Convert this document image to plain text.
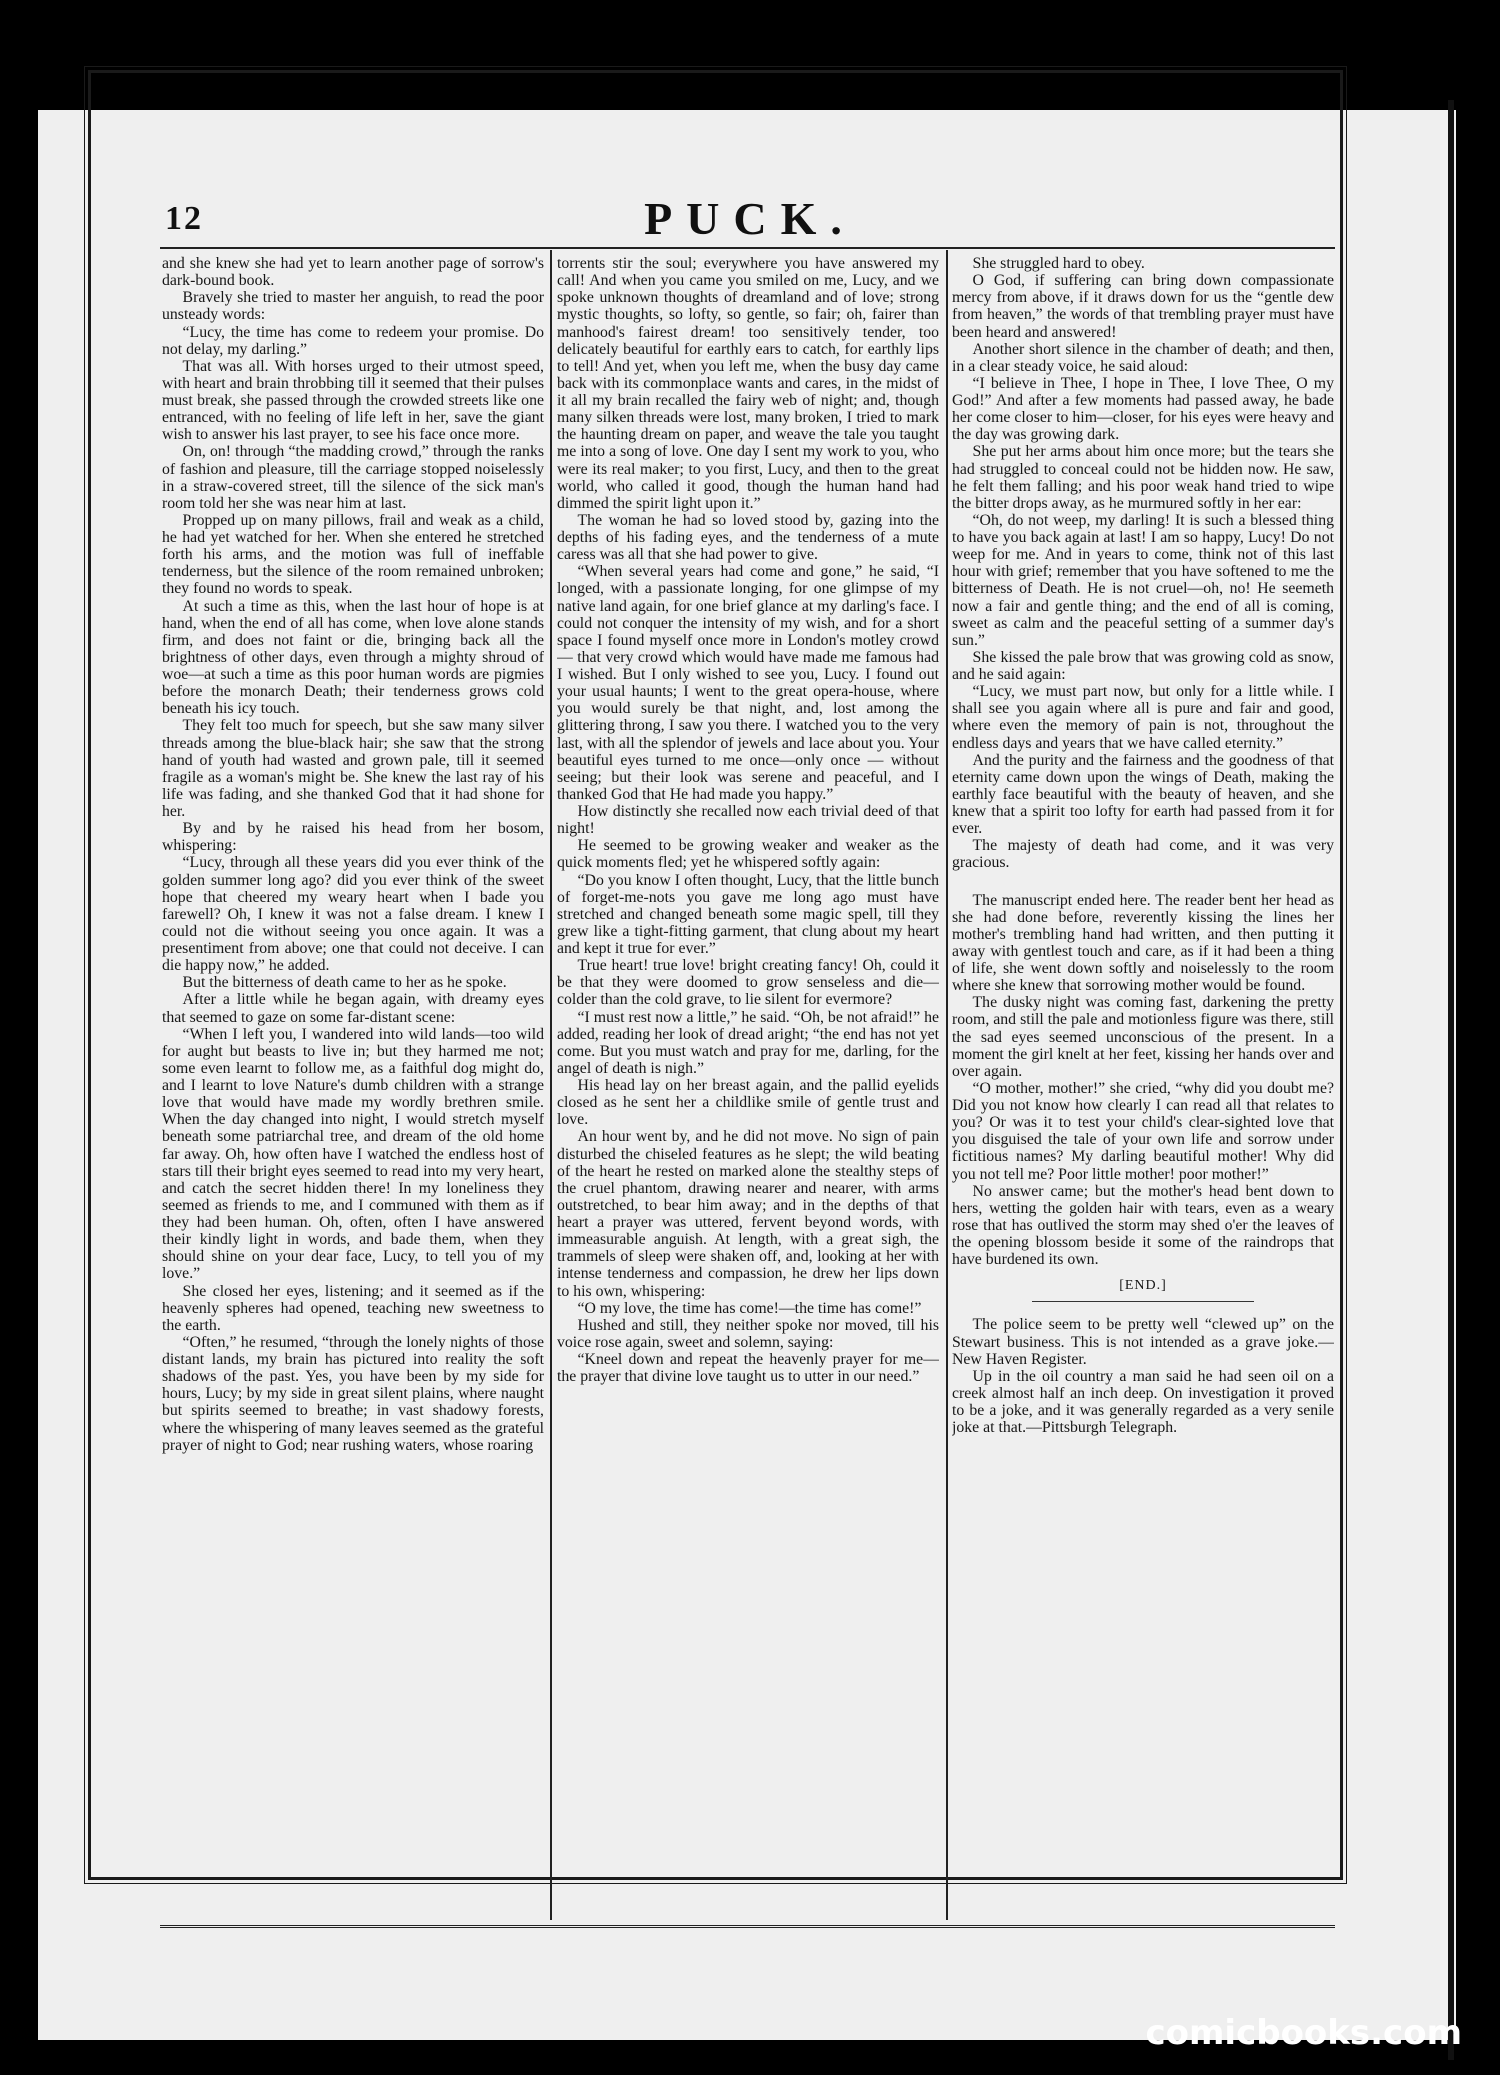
12	PUCK.

and she knew she had yet to learn another page of sorrow's dark-bound book.

Bravely she tried to master her anguish, to read the poor unsteady words:

“Lucy, the time has come to redeem your promise. Do not delay, my darling.”

That was all. With horses urged to their utmost speed, with heart and brain throbbing till it seemed that their pulses must break, she passed through the crowded streets like one entranced, with no feeling of life left in her, save the giant wish to answer his last prayer, to see his face once more.

On, on! through “the madding crowd,” through the ranks of fashion and pleasure, till the carriage stopped noiselessly in a straw-covered street, till the silence of the sick man's room told her she was near him at last.

Propped up on many pillows, frail and weak as a child, he had yet watched for her. When she entered he stretched forth his arms, and the motion was full of ineffable tenderness, but the silence of the room remained unbroken; they found no words to speak.

At such a time as this, when the last hour of hope is at hand, when the end of all has come, when love alone stands firm, and does not faint or die, bringing back all the brightness of other days, even through a mighty shroud of woe—at such a time as this poor human words are pigmies before the monarch Death; their tenderness grows cold beneath his icy touch.

They felt too much for speech, but she saw many silver threads among the blue-black hair; she saw that the strong hand of youth had wasted and grown pale, till it seemed fragile as a woman's might be. She knew the last ray of his life was fading, and she thanked God that it had shone for her.

By and by he raised his head from her bosom, whispering:

“Lucy, through all these years did you ever think of the golden summer long ago? did you ever think of the sweet hope that cheered my weary heart when I bade you farewell? Oh, I knew it was not a false dream. I knew I could not die without seeing you once again. It was a presentiment from above; one that could not deceive. I can die happy now,” he added.

But the bitterness of death came to her as he spoke.

After a little while he began again, with dreamy eyes that seemed to gaze on some far-distant scene:

“When I left you, I wandered into wild lands—too wild for aught but beasts to live in; but they harmed me not; some even learnt to follow me, as a faithful dog might do, and I learnt to love Nature's dumb children with a strange love that would have made my wordly brethren smile. When the day changed into night, I would stretch myself beneath some patriarchal tree, and dream of the old home far away. Oh, how often have I watched the endless host of stars till their bright eyes seemed to read into my very heart, and catch the secret hidden there! In my loneliness they seemed as friends to me, and I communed with them as if they had been human. Oh, often, often I have answered their kindly light in words, and bade them, when they should shine on your dear face, Lucy, to tell you of my love.”

She closed her eyes, listening; and it seemed as if the heavenly spheres had opened, teaching new sweetness to the earth.

“Often,” he resumed, “through the lonely nights of those distant lands, my brain has pictured into reality the soft shadows of the past. Yes, you have been by my side for hours, Lucy; by my side in great silent plains, where naught but spirits seemed to breathe; in vast shadowy forests, where the whispering of many leaves seemed as the grateful prayer of night to God; near rushing waters, whose roaring

torrents stir the soul; everywhere you have answered my call! And when you came you smiled on me, Lucy, and we spoke unknown thoughts of dreamland and of love; strong mystic thoughts, so lofty, so gentle, so fair; oh, fairer than manhood's fairest dream! too sensitively tender, too delicately beautiful for earthly ears to catch, for earthly lips to tell! And yet, when you left me, when the busy day came back with its commonplace wants and cares, in the midst of it all my brain recalled the fairy web of night; and, though many silken threads were lost, many broken, I tried to mark the haunting dream on paper, and weave the tale you taught me into a song of love. One day I sent my work to you, who were its real maker; to you first, Lucy, and then to the great world, who called it good, though the human hand had dimmed the spirit light upon it.”

The woman he had so loved stood by, gazing into the depths of his fading eyes, and the tenderness of a mute caress was all that she had power to give.

“When several years had come and gone,” he said, “I longed, with a passionate longing, for one glimpse of my native land again, for one brief glance at my darling's face. I could not conquer the intensity of my wish, and for a short space I found myself once more in London's motley crowd — that very crowd which would have made me famous had I wished. But I only wished to see you, Lucy. I found out your usual haunts; I went to the great opera-house, where you would surely be that night, and, lost among the glittering throng, I saw you there. I watched you to the very last, with all the splendor of jewels and lace about you. Your beautiful eyes turned to me once—only once — without seeing; but their look was serene and peaceful, and I thanked God that He had made you happy.”

How distinctly she recalled now each trivial deed of that night!

He seemed to be growing weaker and weaker as the quick moments fled; yet he whispered softly again:

“Do you know I often thought, Lucy, that the little bunch of forget-me-nots you gave me long ago must have stretched and changed beneath some magic spell, till they grew like a tight-fitting garment, that clung about my heart and kept it true for ever.”

True heart! true love! bright creating fancy! Oh, could it be that they were doomed to grow senseless and die—colder than the cold grave, to lie silent for evermore?

“I must rest now a little,” he said. “Oh, be not afraid!” he added, reading her look of dread aright; “the end has not yet come. But you must watch and pray for me, darling, for the angel of death is nigh.”

His head lay on her breast again, and the pallid eyelids closed as he sent her a childlike smile of gentle trust and love.

An hour went by, and he did not move. No sign of pain disturbed the chiseled features as he slept; the wild beating of the heart he rested on marked alone the stealthy steps of the cruel phantom, drawing nearer and nearer, with arms outstretched, to bear him away; and in the depths of that heart a prayer was uttered, fervent beyond words, with immeasurable anguish. At length, with a great sigh, the trammels of sleep were shaken off, and, looking at her with intense tenderness and compassion, he drew her lips down to his own, whispering:

“O my love, the time has come!—the time has come!”

Hushed and still, they neither spoke nor moved, till his voice rose again, sweet and solemn, saying:

“Kneel down and repeat the heavenly prayer for me—the prayer that divine love taught us to utter in our need.”

She struggled hard to obey.

O God, if suffering can bring down compassionate mercy from above, if it draws down for us the “gentle dew from heaven,” the words of that trembling prayer must have been heard and answered!

Another short silence in the chamber of death; and then, in a clear steady voice, he said aloud:

“I believe in Thee, I hope in Thee, I love Thee, O my God!” And after a few moments had passed away, he bade her come closer to him—closer, for his eyes were heavy and the day was growing dark.

She put her arms about him once more; but the tears she had struggled to conceal could not be hidden now. He saw, he felt them falling; and his poor weak hand tried to wipe the bitter drops away, as he murmured softly in her ear:

“Oh, do not weep, my darling! It is such a blessed thing to have you back again at last! I am so happy, Lucy! Do not weep for me. And in years to come, think not of this last hour with grief; remember that you have softened to me the bitterness of Death. He is not cruel—oh, no! He seemeth now a fair and gentle thing; and the end of all is coming, sweet as calm and the peaceful setting of a summer day's sun.”

She kissed the pale brow that was growing cold as snow, and he said again:

“Lucy, we must part now, but only for a little while. I shall see you again where all is pure and fair and good, where even the memory of pain is not, throughout the endless days and years that we have called eternity.”

And the purity and the fairness and the goodness of that eternity came down upon the wings of Death, making the earthly face beautiful with the beauty of heaven, and she knew that a spirit too lofty for earth had passed from it for ever.

The majesty of death had come, and it was very gracious.

The manuscript ended here. The reader bent her head as she had done before, reverently kissing the lines her mother's trembling hand had written, and then putting it away with gentlest touch and care, as if it had been a thing of life, she went down softly and noiselessly to the room where she knew that sorrowing mother would be found.

The dusky night was coming fast, darkening the pretty room, and still the pale and motionless figure was there, still the sad eyes seemed unconscious of the present. In a moment the girl knelt at her feet, kissing her hands over and over again.

“O mother, mother!” she cried, “why did you doubt me? Did you not know how clearly I can read all that relates to you? Or was it to test your child's clear-sighted love that you disguised the tale of your own life and sorrow under fictitious names? My darling beautiful mother! Why did you not tell me? Poor little mother! poor mother!”

No answer came; but the mother's head bent down to hers, wetting the golden hair with tears, even as a weary rose that has outlived the storm may shed o'er the leaves of the opening blossom beside it some of the raindrops that have burdened its own.

[END.]

The police seem to be pretty well “clewed up” on the Stewart business. This is not intended as a grave joke.—New Haven Register.

Up in the oil country a man said he had seen oil on a creek almost half an inch deep. On investigation it proved to be a joke, and it was generally regarded as a very senile joke at that.—Pittsburgh Telegraph.

comicbooks.com
